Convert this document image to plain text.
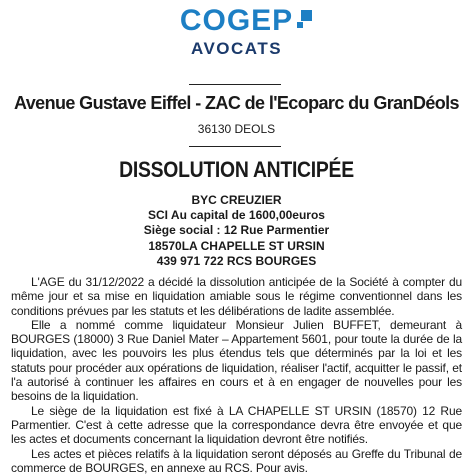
COGEP
AVOCATS
Avenue Gustave Eiffel - ZAC de l'Ecoparc du GranDéols
36130 DEOLS
DISSOLUTION ANTICIPÉE
BYC CREUZIER
SCI Au capital de 1600,00euros
Siège social : 12 Rue Parmentier
18570LA CHAPELLE ST URSIN
439 971 722 RCS BOURGES

L'AGE du 31/12/2022 a décidé la dissolution anticipée de la Société à compter du même jour et sa mise en liquidation amiable sous le régime conventionnel dans les conditions prévues par les statuts et les délibérations de ladite assemblée.

Elle a nommé comme liquidateur Monsieur Julien BUFFET, demeurant à BOURGES (18000) 3 Rue Daniel Mater – Appartement 5601, pour toute la durée de la liquidation, avec les pouvoirs les plus étendus tels que déterminés par la loi et les statuts pour procéder aux opérations de liquidation, réaliser l'actif, acquitter le passif, et l'a autorisé à continuer les affaires en cours et à en engager de nouvelles pour les besoins de la liquidation.

Le siège de la liquidation est fixé à LA CHAPELLE ST URSIN (18570) 12 Rue Parmentier. C'est à cette adresse que la correspondance devra être envoyée et que les actes et documents concernant la liquidation devront être notifiés.

Les actes et pièces relatifs à la liquidation seront déposés au Greffe du Tribunal de commerce de BOURGES, en annexe au RCS. Pour avis.
